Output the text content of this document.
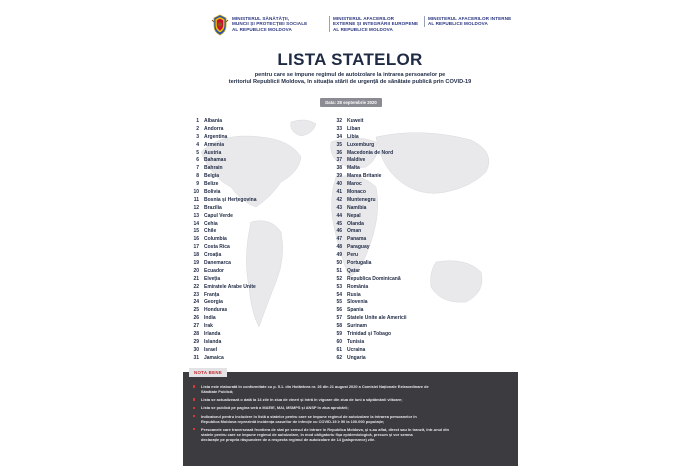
MINISTERUL SĂNĂTĂȚII,
MUNCII ȘI PROTECȚIEI SOCIALE
AL REPUBLICII MOLDOVA
MINISTERUL AFACERILOR
EXTERNE ȘI INTEGRĂRII EUROPENE
AL REPUBLICII MOLDOVA
MINISTERUL AFACERILOR INTERNE
AL REPUBLICII MOLDOVA
LISTA STATELOR
pentru care se impune regimul de autoizolare la intrarea persoanelor pe
teritoriul Republicii Moldova, în situația stării de urgență de sănătate publică prin COVID-19
Data: 28 septembrie 2020
1 Albania
2 Andorra
3 Argentina
4 Armenia
5 Austria
6 Bahamas
7 Bahrain
8 Belgia
9 Belize
10 Bolivia
11 Bosnia și Herțegovina
12 Brazilia
13 Capul Verde
14 Cehia
15 Chile
16 Columbia
17 Costa Rica
18 Croația
19 Danemarca
20 Ecuador
21 Elveția
22 Emiratele Arabe Unite
23 Franța
24 Georgia
25 Honduras
26 India
27 Irak
28 Irlanda
29 Islanda
30 Israel
31 Jamaica
32 Kuweit
33 Liban
34 Libia
35 Luxemburg
36 Macedonia de Nord
37 Maldive
38 Malta
39 Marea Britanie
40 Maroc
41 Monaco
42 Muntenegru
43 Namibia
44 Nepal
45 Olanda
46 Oman
47 Panama
48 Paraguay
49 Peru
50 Portugalia
51 Qatar
52 Republica Dominicană
53 România
54 Rusia
55 Slovenia
56 Spania
57 Statele Unite ale Americii
58 Surinam
59 Trinidad și Tobago
60 Tunisia
61 Ucraina
62 Ungaria
NOTA BENE
Lista este elaborată în conformitate cu p. 5.1. din Hotărârea nr. 26 din 21 august 2020 a Comisiei Naționale Extraordinare de
Sănătate Publică;
Lista se actualizează o dată la 14 zile în ziua de vineri și intră în vigoare din ziua de luni a săptămânii viitoare;
Lista se publică pe pagina web a MAEIE, MAI, MSMPS și ANSP în ziua aprobării;
Indicatorul pentru includere în listă a statelor pentru care se impune regimul de autoizolare la intrarea persoanelor în
Republica Moldova reprezintă incidența cazurilor de infecție cu COVID-19 ≥ 50 la 100.000 populație;
Persoanele care traversează frontiera de stat pe sensul de intrare în Republica Moldova, și s-au aflat, direct sau în tranzit, într-unul din
statele pentru care se impune regimul de autoizolare, în mod obligatoriu fișa epidemiologică, precum și vor semna
declarație pe propria răspundere de a respecta regimul de autoizolare de 14 (paisprezece) zile.
